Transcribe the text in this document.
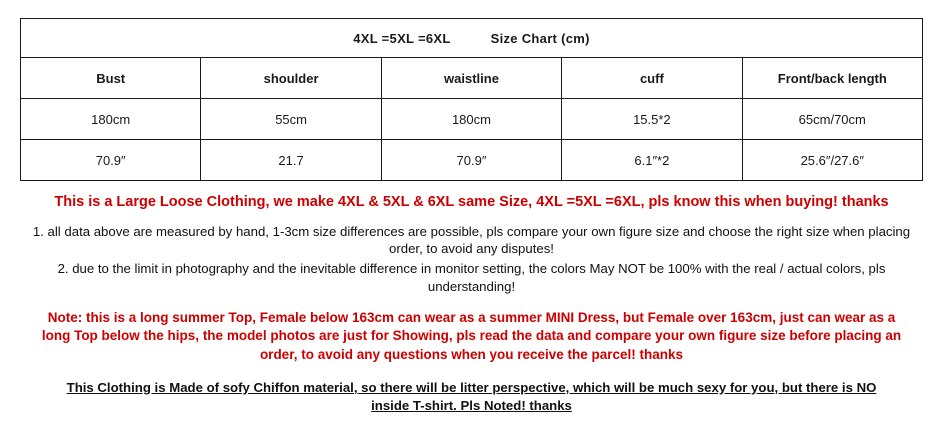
4XL =5XL =6XL Size Chart (cm)				
Bust	shoulder	waistline	cuff	Front/back length
180cm	55cm	180cm	15.5*2	65cm/70cm
70.9″	21.7	70.9″	6.1″*2	25.6″/27.6″
This is a Large Loose Clothing, we make 4XL & 5XL & 6XL same Size, 4XL =5XL =6XL, pls know this when buying! thanks
1. all data above are measured by hand, 1-3cm size differences are possible, pls compare your own figure size and choose the right size when placing order, to avoid any disputes!
2. due to the limit in photography and the inevitable difference in monitor setting, the colors May NOT be 100% with the real / actual colors, pls understanding!
Note: this is a long summer Top, Female below 163cm can wear as a summer MINI Dress, but Female over 163cm, just can wear as a long Top below the hips, the model photos are just for Showing, pls read the data and compare your own figure size before placing an order, to avoid any questions when you receive the parcel! thanks
This Clothing is Made of sofy Chiffon material, so there will be litter perspective, which will be much sexy for you, but there is NO inside T-shirt. Pls Noted! thanks
